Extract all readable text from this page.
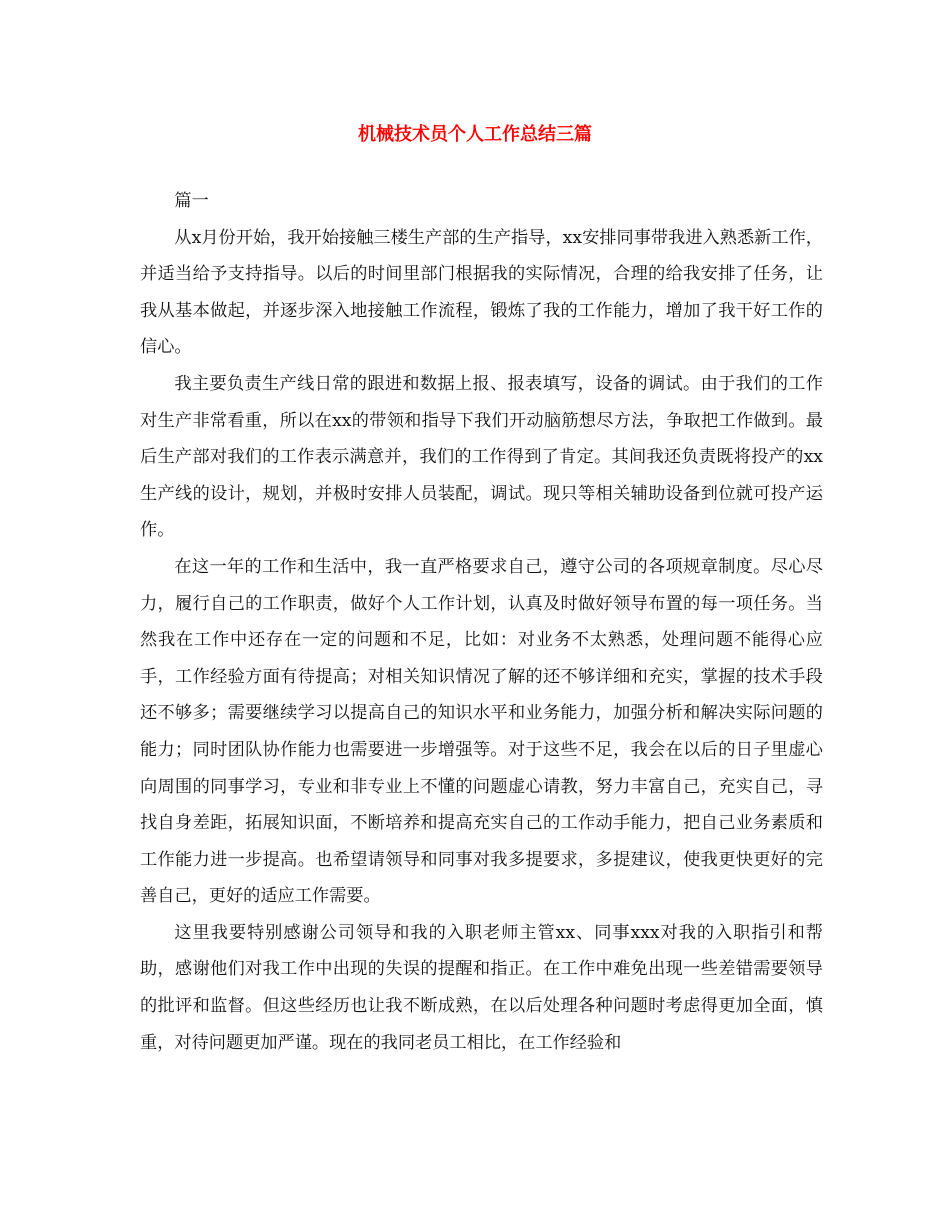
机械技术员个人工作总结三篇

篇一

从x月份开始，我开始接触三楼生产部的生产指导，xx安排同事带我进入熟悉新工作，并适当给予支持指导。以后的时间里部门根据我的实际情况，合理的给我安排了任务，让我从基本做起，并逐步深入地接触工作流程，锻炼了我的工作能力，增加了我干好工作的信心。

我主要负责生产线日常的跟进和数据上报、报表填写，设备的调试。由于我们的工作对生产非常看重，所以在xx的带领和指导下我们开动脑筋想尽方法，争取把工作做到。最后生产部对我们的工作表示满意并，我们的工作得到了肯定。其间我还负责既将投产的xx生产线的设计，规划，并极时安排人员装配，调试。现只等相关辅助设备到位就可投产运作。

在这一年的工作和生活中，我一直严格要求自己，遵守公司的各项规章制度。尽心尽力，履行自己的工作职责，做好个人工作计划，认真及时做好领导布置的每一项任务。当然我在工作中还存在一定的问题和不足，比如：对业务不太熟悉，处理问题不能得心应手，工作经验方面有待提高；对相关知识情况了解的还不够详细和充实，掌握的技术手段还不够多；需要继续学习以提高自己的知识水平和业务能力，加强分析和解决实际问题的能力；同时团队协作能力也需要进一步增强等。对于这些不足，我会在以后的日子里虚心向周围的同事学习，专业和非专业上不懂的问题虚心请教，努力丰富自己，充实自己，寻找自身差距，拓展知识面，不断培养和提高充实自己的工作动手能力，把自己业务素质和工作能力进一步提高。也希望请领导和同事对我多提要求，多提建议，使我更快更好的完善自己，更好的适应工作需要。

这里我要特别感谢公司领导和我的入职老师主管xx、同事xxx对我的入职指引和帮助，感谢他们对我工作中出现的失误的提醒和指正。在工作中难免出现一些差错需要领导的批评和监督。但这些经历也让我不断成熟，在以后处理各种问题时考虑得更加全面，慎重，对待问题更加严谨。现在的我同老员工相比，在工作经验和
